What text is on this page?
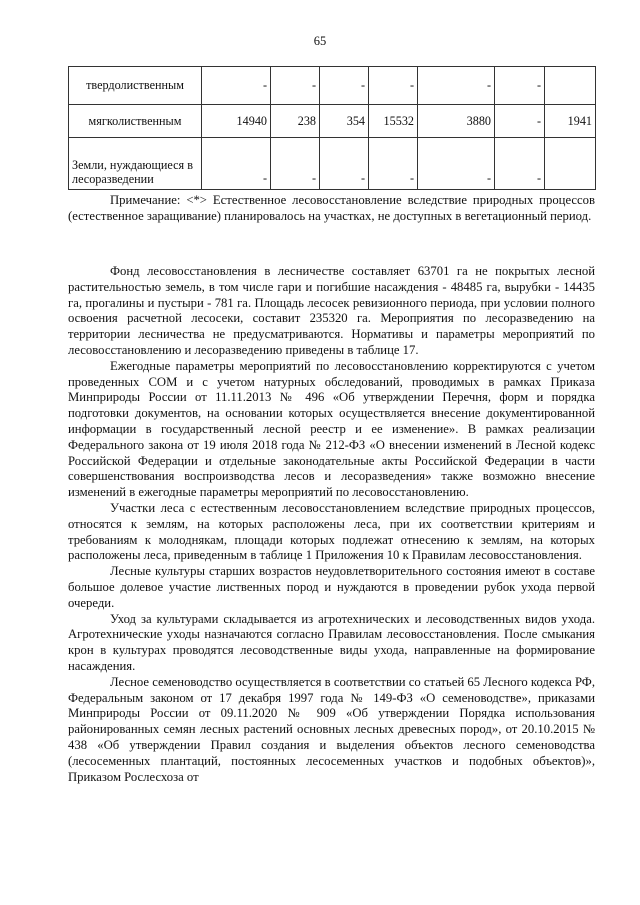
65
твердолиственным	-	-	-	-	-	-	
мягколиственным	14940	238	354	15532	3880	-	1941
Земли, нуждающиеся в лесоразведении	-	-	-	-	-	-	

Примечание: <*> Естественное лесовосстановление вследствие природных процессов (естественное заращивание) планировалось на участках, не доступных в вегетационный период.

Фонд лесовосстановления в лесничестве составляет 63701 га не покрытых лесной растительностью земель, в том числе гари и погибшие насаждения - 48485 га, вырубки - 14435 га, прогалины и пустыри - 781 га. Площадь лесосек ревизионного периода, при условии полного освоения расчетной лесосеки, составит 235320 га. Мероприятия по лесоразведению на территории лесничества не предусматриваются. Нормативы и параметры мероприятий по лесовосстановлению и лесоразведению приведены в таблице 17.

Ежегодные параметры мероприятий по лесовосстановлению корректируются с учетом проведенных СОМ и с учетом натурных обследований, проводимых в рамках Приказа Минприроды России от 11.11.2013 № 496 «Об утверждении Перечня, форм и порядка подготовки документов, на основании которых осуществляется внесение документированной информации в государственный лесной реестр и ее изменение». В рамках реализации Федерального закона от 19 июля 2018 года № 212-ФЗ «О внесении изменений в Лесной кодекс Российской Федерации и отдельные законодательные акты Российской Федерации в части совершенствования воспроизводства лесов и лесоразведения» также возможно внесение изменений в ежегодные параметры мероприятий по лесовосстановлению.

Участки леса с естественным лесовосстановлением вследствие природных процессов, относятся к землям, на которых расположены леса, при их соответствии критериям и требованиям к молоднякам, площади которых подлежат отнесению к землям, на которых расположены леса, приведенным в таблице 1 Приложения 10 к Правилам лесовосстановления.

Лесные культуры старших возрастов неудовлетворительного состояния имеют в составе большое долевое участие лиственных пород и нуждаются в проведении рубок ухода первой очереди.

Уход за культурами складывается из агротехнических и лесоводственных видов ухода. Агротехнические уходы назначаются согласно Правилам лесовосстановления. После смыкания крон в культурах проводятся лесоводственные виды ухода, направленные на формирование насаждения.

Лесное семеноводство осуществляется в соответствии со статьей 65 Лесного кодекса РФ, Федеральным законом от 17 декабря 1997 года № 149-ФЗ «О семеноводстве», приказами Минприроды России от 09.11.2020 № 909 «Об утверждении Порядка использования районированных семян лесных растений основных лесных древесных пород», от 20.10.2015 № 438 «Об утверждении Правил создания и выделения объектов лесного семеноводства (лесосеменных плантаций, постоянных лесосеменных участков и подобных объектов)», Приказом Рослесхоза от
